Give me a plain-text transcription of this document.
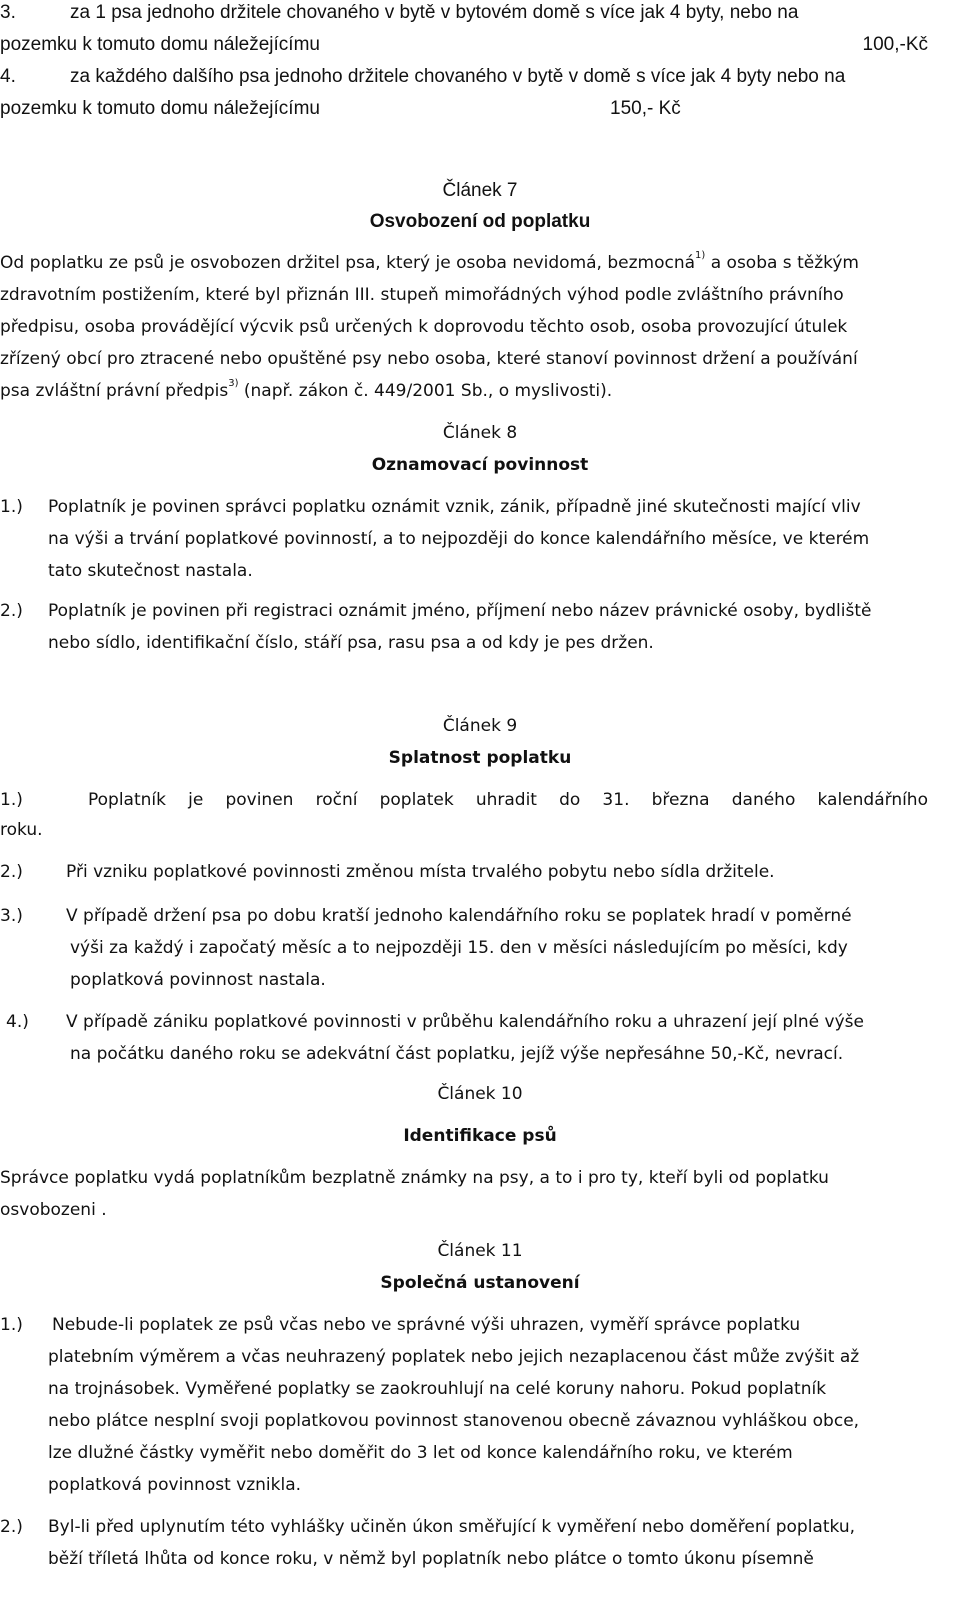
3.	za 1 psa jednoho držitele chovaného v bytě v bytovém domě s více jak 4 byty, nebo na
pozemku k tomuto domu náležejícímu	100,-Kč
4.	za každého dalšího psa jednoho držitele chovaného v bytě v domě s více jak 4 byty nebo na
pozemku k tomuto domu náležejícímu	150,- Kč
Článek 7
Osvobození od poplatku
Od poplatku ze psů je osvobozen držitel psa, který je osoba nevidomá, bezmocná$^{1)}$ a osoba s těžkým
zdravotním postižením, které byl přiznán III. stupeň mimořádných výhod podle zvláštního právního
předpisu, osoba provádějící výcvik psů určených k doprovodu těchto osob, osoba provozující útulek
zřízený obcí pro ztracené nebo opuštěné psy nebo osoba, které stanoví povinnost držení a používání
psa zvláštní právní předpis$^{3)}$ (např. zákon č. 449/2001 Sb., o myslivosti).
Článek 8
Oznamovací povinnost
1.) Poplatník je povinen správci poplatku oznámit vznik, zánik, případně jiné skutečnosti mající vliv
na výši a trvání poplatkové povinností, a to nejpozději do konce kalendářního měsíce, ve kterém
tato skutečnost nastala.
2.) Poplatník je povinen při registraci oznámit jméno, příjmení nebo název právnické osoby, bydliště
nebo sídlo, identifikační číslo, stáří psa, rasu psa a od kdy je pes držen.
Článek 9
Splatnost poplatku
1.)	Poplatník je povinen roční poplatek uhradit do 31. března daného kalendářního
roku.
2.)	Při vzniku poplatkové povinnosti změnou místa trvalého pobytu nebo sídla držitele.
3.)	V případě držení psa po dobu kratší jednoho kalendářního roku se poplatek hradí v poměrné
výši za každý i započatý měsíc a to nejpozději 15. den v měsíci následujícím po měsíci, kdy
poplatková povinnost nastala.
4.) V případě zániku poplatkové povinnosti v průběhu kalendářního roku a uhrazení její plné výše
na počátku daného roku se adekvátní část poplatku, jejíž výše nepřesáhne 50,-Kč, nevrací.
Článek 10
Identifikace psů
Správce poplatku vydá poplatníkům bezplatně známky na psy, a to i pro ty, kteří byli od poplatku
osvobozeni .
Článek 11
Společná ustanovení
1.) Nebude-li poplatek ze psů včas nebo ve správné výši uhrazen, vyměří správce poplatku
platebním výměrem a včas neuhrazený poplatek nebo jejich nezaplacenou část může zvýšit až
na trojnásobek. Vyměřené poplatky se zaokrouhlují na celé koruny nahoru. Pokud poplatník
nebo plátce nesplní svoji poplatkovou povinnost stanovenou obecně závaznou vyhláškou obce,
lze dlužné částky vyměřit nebo doměřit do 3 let od konce kalendářního roku, ve kterém
poplatková povinnost vznikla.
2.) Byl-li před uplynutím této vyhlášky učiněn úkon směřující k vyměření nebo doměření poplatku,
běží tříletá lhůta od konce roku, v němž byl poplatník nebo plátce o tomto úkonu písemně
